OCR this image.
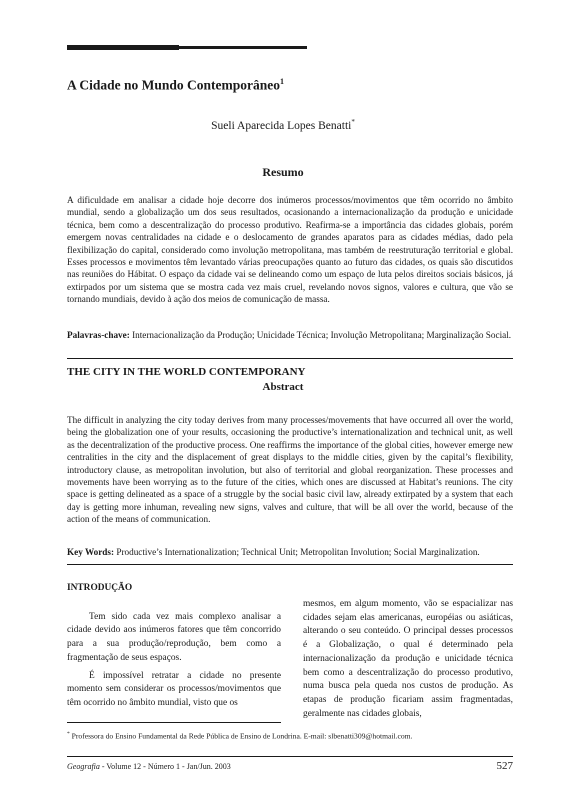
A Cidade no Mundo Contemporâneo$^1$
Sueli Aparecida Lopes Benatti*
Resumo
A dificuldade em analisar a cidade hoje decorre dos inúmeros processos/movimentos que têm ocorrido no âmbito mundial, sendo a globalização um dos seus resultados, ocasionando a internacionalização da produção e unicidade técnica, bem como a descentralização do processo produtivo. Reafirma-se a importância das cidades globais, porém emergem novas centralidades na cidade e o deslocamento de grandes aparatos para as cidades médias, dado pela flexibilização do capital, considerado como involução metropolitana, mas também de reestruturação territorial e global. Esses processos e movimentos têm levantado várias preocupações quanto ao futuro das cidades, os quais são discutidos nas reuniões do Hábitat. O espaço da cidade vai se delineando como um espaço de luta pelos direitos sociais básicos, já extirpados por um sistema que se mostra cada vez mais cruel, revelando novos signos, valores e cultura, que vão se tornando mundiais, devido à ação dos meios de comunicação de massa.
Palavras-chave: Internacionalização da Produção; Unicidade Técnica; Involução Metropolitana; Marginalização Social.
THE CITY IN THE WORLD CONTEMPORANY
Abstract
The difficult in analyzing the city today derives from many processes/movements that have occurred all over the world, being the globalization one of your results, occasioning the productive’s internationalization and technical unit, as well as the decentralization of the productive process. One reaffirms the importance of the global cities, however emerge new centralities in the city and the displacement of great displays to the middle cities, given by the capital’s flexibility, introductory clause, as metropolitan involution, but also of territorial and global reorganization. These processes and movements have been worrying as to the future of the cities, which ones are discussed at Habitat’s reunions. The city space is getting delineated as a space of a struggle by the social basic civil law, already extirpated by a system that each day is getting more inhuman, revealing new signs, valves and culture, that will be all over the world, because of the action of the means of communication.
Key Words: Productive’s Internationalization; Technical Unit; Metropolitan Involution; Social Marginalization.
INTRODUÇÃO

Tem sido cada vez mais complexo analisar a cidade devido aos inúmeros fatores que têm concorrido para a sua produção/reprodução, bem como a fragmentação de seus espaços.

É impossível retratar a cidade no presente momento sem considerar os processos/movimentos que têm ocorrido no âmbito mundial, visto que os

mesmos, em algum momento, vão se espacializar nas cidades sejam elas americanas, européias ou asiáticas, alterando o seu conteúdo. O principal desses processos é a Globalização, o qual é determinado pela internacionalização da produção e unicidade técnica bem como a descentralização do processo produtivo, numa busca pela queda nos custos de produção. As etapas de produção ficariam assim fragmentadas, geralmente nas cidades globais,

* Professora do Ensino Fundamental da Rede Pública de Ensino de Londrina. E-mail: slbenatti309@hotmail.com.
Geografia - Volume 12 - Número 1 - Jan/Jun. 2003	527
